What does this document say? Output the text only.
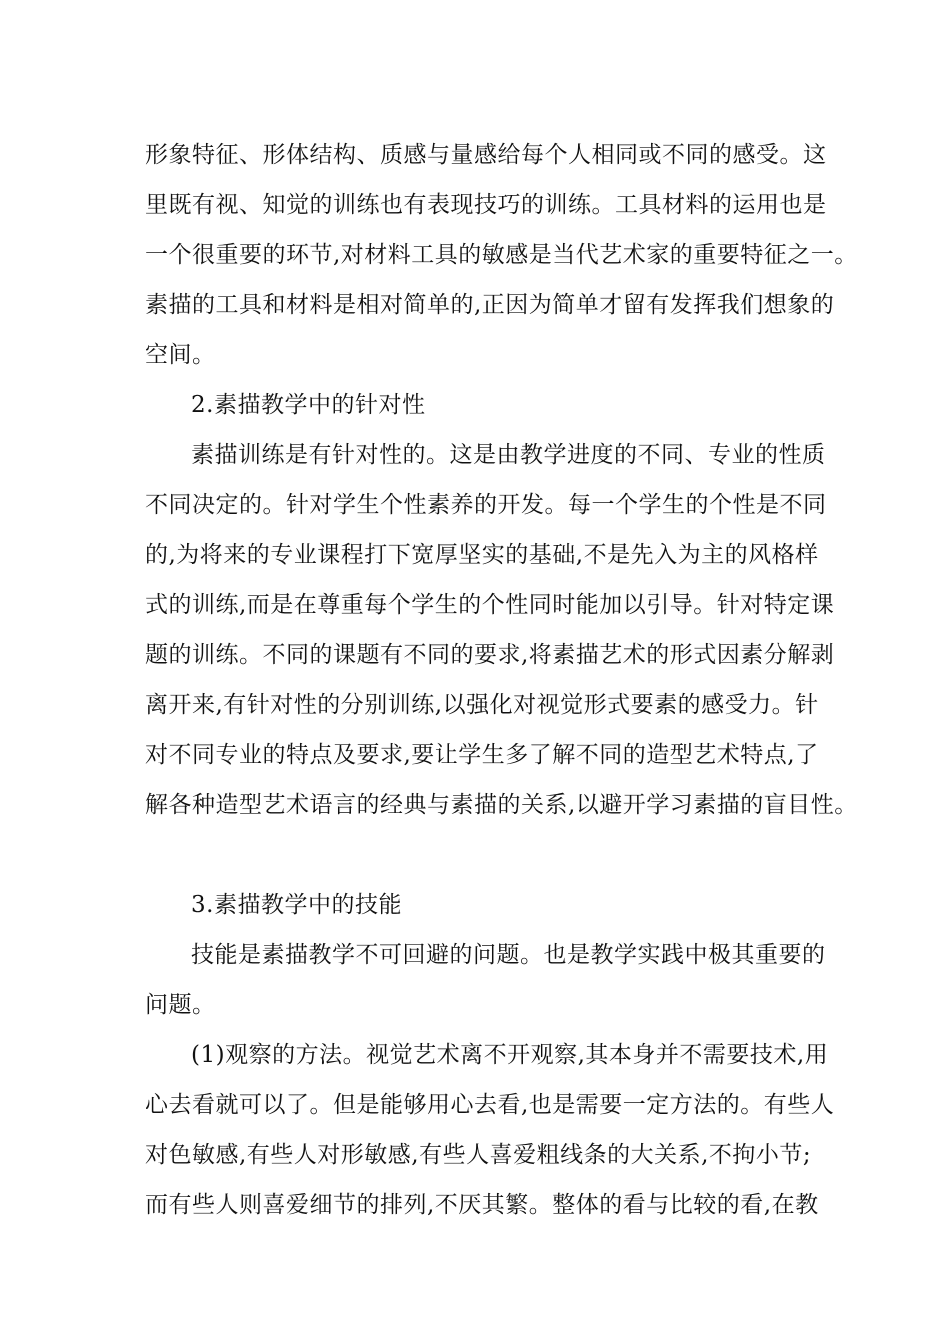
形象特征、形体结构、质感与量感给每个人相同或不同的感受。这
里既有视、知觉的训练也有表现技巧的训练。工具材料的运用也是
一个很重要的环节,对材料工具的敏感是当代艺术家的重要特征之一。
素描的工具和材料是相对简单的,正因为简单才留有发挥我们想象的
空间。
2.素描教学中的针对性
素描训练是有针对性的。这是由教学进度的不同、专业的性质
不同决定的。针对学生个性素养的开发。每一个学生的个性是不同
的,为将来的专业课程打下宽厚坚实的基础,不是先入为主的风格样
式的训练,而是在尊重每个学生的个性同时能加以引导。针对特定课
题的训练。不同的课题有不同的要求,将素描艺术的形式因素分解剥
离开来,有针对性的分别训练,以强化对视觉形式要素的感受力。针
对不同专业的特点及要求,要让学生多了解不同的造型艺术特点,了
解各种造型艺术语言的经典与素描的关系,以避开学习素描的盲目性。
3.素描教学中的技能
技能是素描教学不可回避的问题。也是教学实践中极其重要的
问题。
(1)观察的方法。视觉艺术离不开观察,其本身并不需要技术,用
心去看就可以了。但是能够用心去看,也是需要一定方法的。有些人
对色敏感,有些人对形敏感,有些人喜爱粗线条的大关系,不拘小节;
而有些人则喜爱细节的排列,不厌其繁。整体的看与比较的看,在教
